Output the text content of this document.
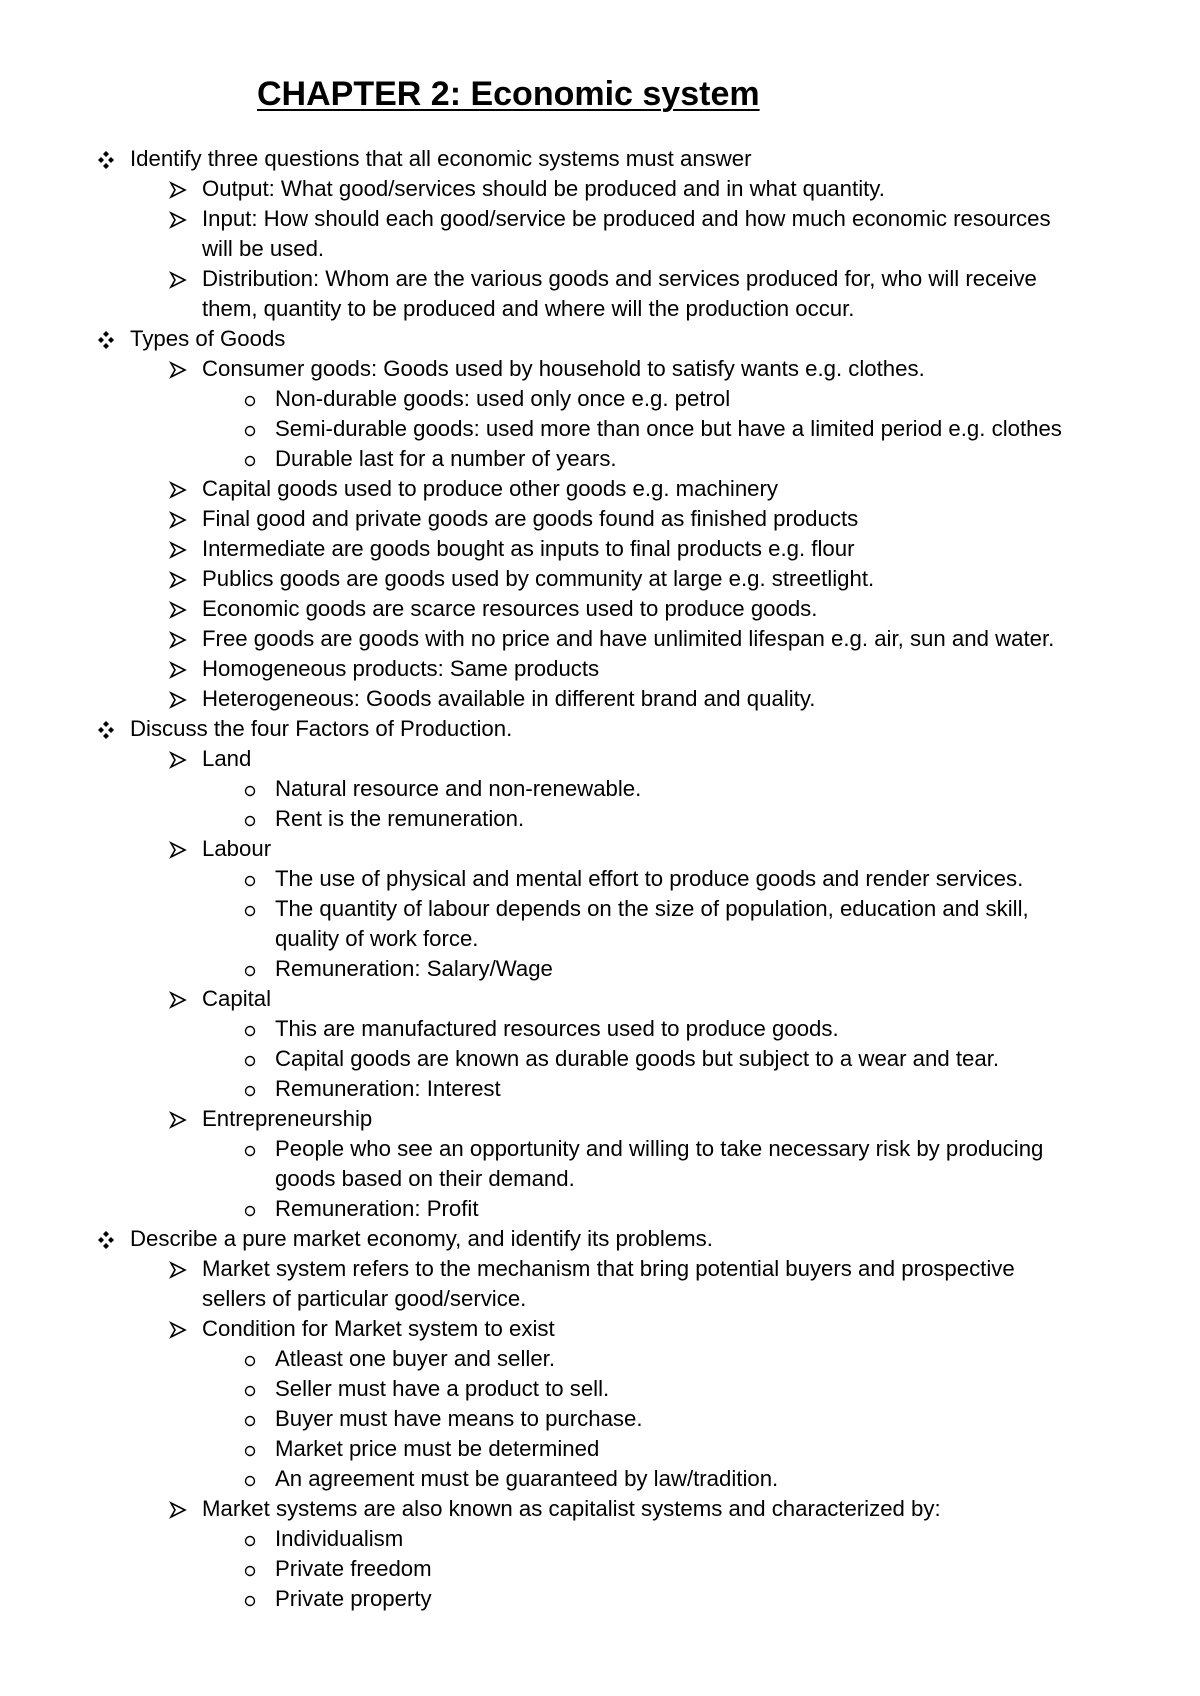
CHAPTER 2: Economic system
Identify three questions that all economic systems must answer
Output: What good/services should be produced and in what quantity.
Input: How should each good/service be produced and how much economic resources
will be used.
Distribution: Whom are the various goods and services produced for, who will receive
them, quantity to be produced and where will the production occur.
Types of Goods
Consumer goods: Goods used by household to satisfy wants e.g. clothes.
Non-durable goods: used only once e.g. petrol
Semi-durable goods: used more than once but have a limited period e.g. clothes
Durable last for a number of years.
Capital goods used to produce other goods e.g. machinery
Final good and private goods are goods found as finished products
Intermediate are goods bought as inputs to final products e.g. flour
Publics goods are goods used by community at large e.g. streetlight.
Economic goods are scarce resources used to produce goods.
Free goods are goods with no price and have unlimited lifespan e.g. air, sun and water.
Homogeneous products: Same products
Heterogeneous: Goods available in different brand and quality.
Discuss the four Factors of Production.
Land
Natural resource and non-renewable.
Rent is the remuneration.
Labour
The use of physical and mental effort to produce goods and render services.
The quantity of labour depends on the size of population, education and skill,
quality of work force.
Remuneration: Salary/Wage
Capital
This are manufactured resources used to produce goods.
Capital goods are known as durable goods but subject to a wear and tear.
Remuneration: Interest
Entrepreneurship
People who see an opportunity and willing to take necessary risk by producing
goods based on their demand.
Remuneration: Profit
Describe a pure market economy, and identify its problems.
Market system refers to the mechanism that bring potential buyers and prospective
sellers of particular good/service.
Condition for Market system to exist
Atleast one buyer and seller.
Seller must have a product to sell.
Buyer must have means to purchase.
Market price must be determined
An agreement must be guaranteed by law/tradition.
Market systems are also known as capitalist systems and characterized by:
Individualism
Private freedom
Private property
